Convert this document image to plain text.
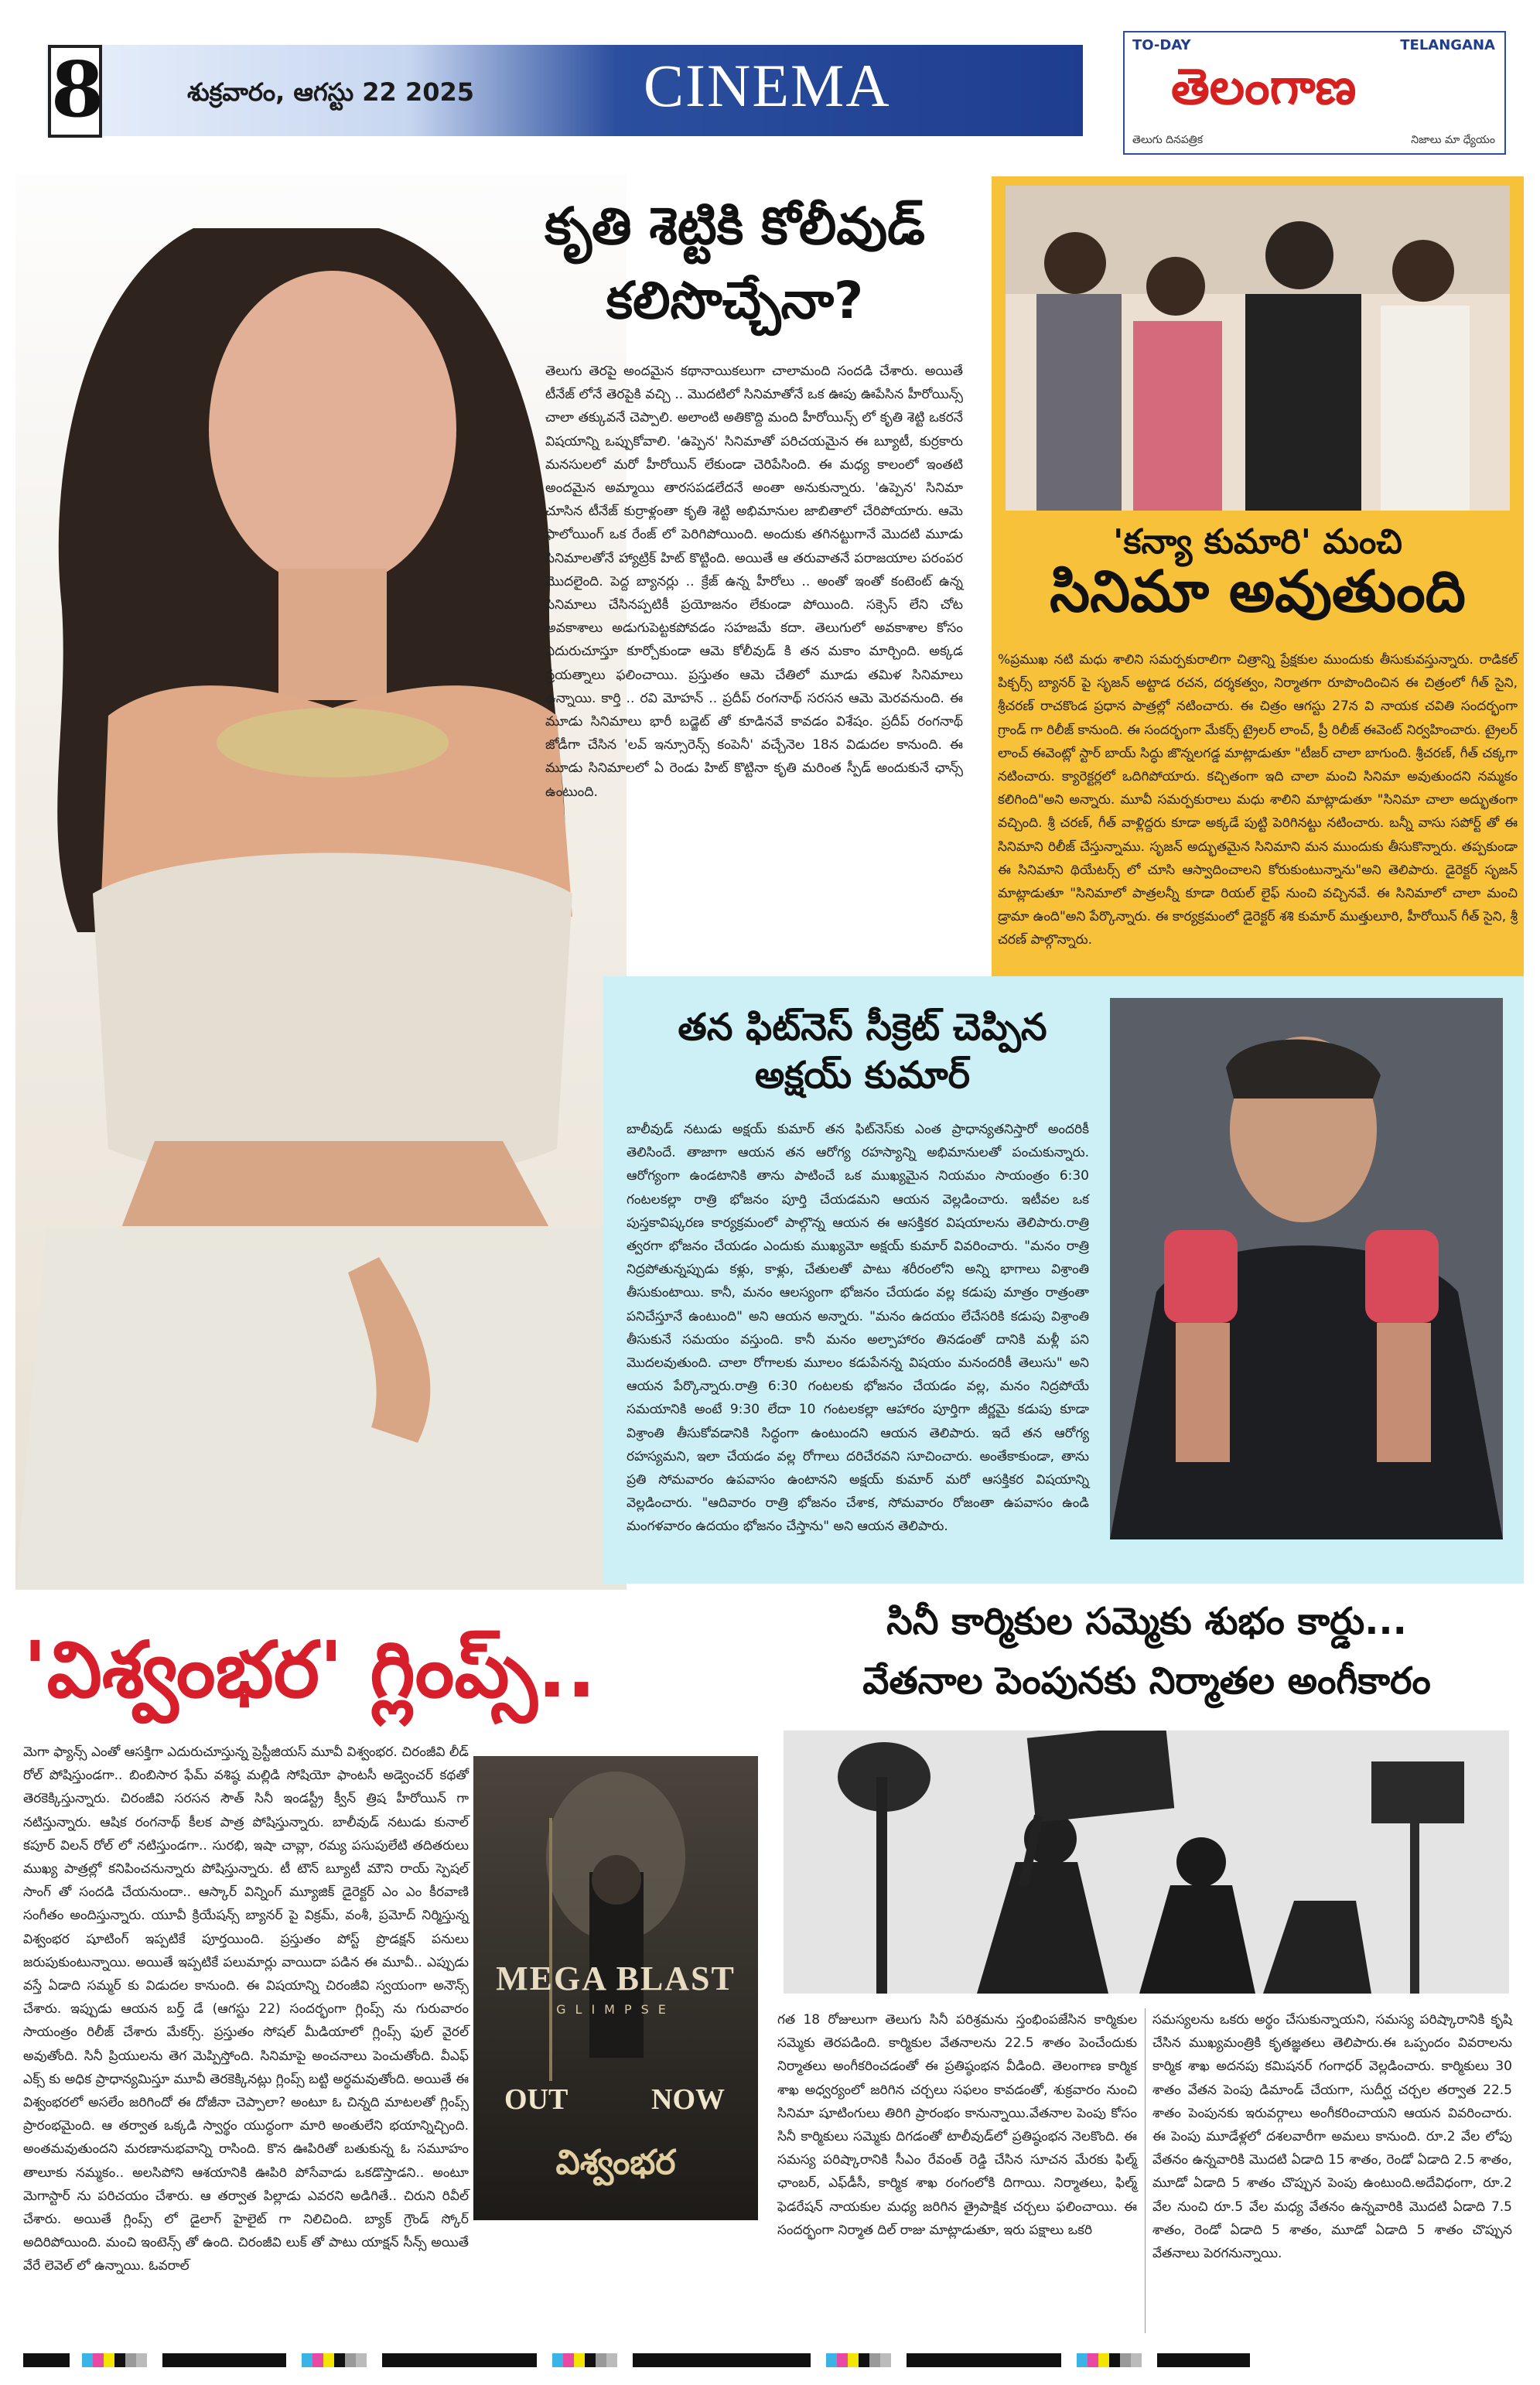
8	శుక్రవారం, ఆగస్టు 22 2025	CINEMA
TO-DAY	TELANGANA
తెలంగాణ
తెలుగు దినపత్రిక	నిజాలు మా ధ్యేయం
కృతి శెట్టికి కోలీవుడ్
కలిసొచ్చేనా?
తెలుగు తెరపై అందమైన కథానాయికలుగా చాలామంది సందడి చేశారు. అయితే టీనేజ్ లోనే తెరపైకి వచ్చి .. మొదటిలో సినిమాతోనే ఒక ఊపు ఊపేసిన హీరోయిన్స్ చాలా తక్కువనే చెప్పాలి. అలాంటి అతికొద్ది మంది హీరోయిన్స్ లో కృతి శెట్టి ఒకరనే విషయాన్ని ఒప్పుకోవాలి. 'ఉప్పెన' సినిమాతో పరిచయమైన ఈ బ్యూటీ, కుర్రకారు మనసులలో మరో హీరోయిన్ లేకుండా చెరిపేసింది. ఈ మధ్య కాలంలో ఇంతటి అందమైన అమ్మాయి తారసపడలేదనే అంతా అనుకున్నారు. 'ఉప్పెన' సినిమా చూసిన టీనేజ్ కుర్రాళ్లంతా కృతి శెట్టి అభిమానుల జాబితాలో చేరిపోయారు. ఆమె ఫాలోయింగ్ ఒక రేంజ్ లో పెరిగిపోయింది. అందుకు తగినట్టుగానే మొదటి మూడు సినిమాలతోనే హ్యాట్రిక్ హిట్ కొట్టింది. అయితే ఆ తరువాతనే పరాజయాల పరంపర మొదలైంది. పెద్ద బ్యానర్లు .. క్రేజ్ ఉన్న హీరోలు .. అంతో ఇంతో కంటెంట్ ఉన్న సినిమాలు చేసినప్పటికీ ప్రయోజనం లేకుండా పోయింది. సక్సెస్ లేని చోట అవకాశాలు అడుగుపెట్టకపోవడం సహజమే కదా. తెలుగులో అవకాశాల కోసం ఎదురుచూస్తూ కూర్చోకుండా ఆమె కోలీవుడ్ కి తన మకాం మార్చింది. అక్కడ ప్రయత్నాలు ఫలించాయి. ప్రస్తుతం ఆమె చేతిలో మూడు తమిళ సినిమాలు ఉన్నాయి. కార్తి .. రవి మోహన్ .. ప్రదీప్ రంగనాథ్ సరసన ఆమె మెరవనుంది. ఈ మూడు సినిమాలు భారీ బడ్జెట్ తో కూడినవే కావడం విశేషం. ప్రదీప్ రంగనాథ్ జోడీగా చేసిన 'లవ్ ఇన్సూరెన్స్ కంపెనీ' వచ్చేనెల 18న విడుదల కానుంది. ఈ మూడు సినిమాలలో ఏ రెండు హిట్ కొట్టినా కృతి మరింత స్పీడ్ అందుకునే ఛాన్స్ ఉంటుంది.
'కన్యా కుమారి' మంచి
సినిమా అవుతుంది
%ప్రముఖ నటి మధు శాలిని సమర్పకురాలిగా చిత్రాన్ని ప్రేక్షకుల ముందుకు తీసుకువస్తున్నారు. రాడికల్ పిక్చర్స్ బ్యానర్ పై సృజన్ అట్టాడ రచన, దర్శకత్వం, నిర్మాతగా రూపొందించిన ఈ చిత్రంలో గీత్ సైని, శ్రీచరణ్ రాచకొండ ప్రధాన పాత్రల్లో నటించారు. ఈ చిత్రం ఆగస్టు 27న వి నాయక చవితి సందర్భంగా గ్రాండ్ గా రిలీజ్ కానుంది. ఈ సందర్భంగా మేకర్స్ ట్రైలర్ లాంచ్, ప్రీ రిలీజ్ ఈవెంట్ నిర్వహించారు. ట్రైలర్ లాంచ్ ఈవెంట్లో స్టార్ బాయ్ సిద్ధు జొన్నలగడ్డ మాట్లాడుతూ "టీజర్ చాలా బాగుంది. శ్రీచరణ్, గీత్ చక్కగా నటించారు. క్యారెక్టర్లలో ఒదిగిపోయారు. కచ్చితంగా ఇది చాలా మంచి సినిమా అవుతుందని నమ్మకం కలిగింది"అని అన్నారు. మూవీ సమర్పకురాలు మధు శాలిని మాట్లాడుతూ "సినిమా చాలా అద్భుతంగా వచ్చింది. శ్రీ చరణ్, గీత్ వాళ్లిద్దరు కూడా అక్కడే పుట్టి పెరిగినట్టు నటించారు. బన్నీ వాసు సపోర్ట్ తో ఈ సినిమాని రిలీజ్ చేస్తున్నాము. సృజన్ అద్భుతమైన సినిమాని మన ముందుకు తీసుకొన్నారు. తప్పకుండా ఈ సినిమాని థియేటర్స్ లో చూసి ఆస్వాదించాలని కోరుకుంటున్నాను"అని తెలిపారు. డైరెక్టర్ సృజన్ మాట్లాడుతూ "సినిమాలో పాత్రలన్నీ కూడా రియల్ లైఫ్ నుంచి వచ్చినవే. ఈ సినిమాలో చాలా మంచి డ్రామా ఉంది"అని పేర్కొన్నారు. ఈ కార్యక్రమంలో డైరెక్టర్ శశి కుమార్ ముత్తులూరి, హీరోయిన్ గీత్ సైని, శ్రీ చరణ్ పాల్గొన్నారు.
తన ఫిట్‌నెస్ సీక్రెట్ చెప్పిన
అక్షయ్ కుమార్
బాలీవుడ్ నటుడు అక్షయ్ కుమార్ తన ఫిట్‌నెస్‌కు ఎంత ప్రాధాన్యతనిస్తారో అందరికీ తెలిసిందే. తాజాగా ఆయన తన ఆరోగ్య రహస్యాన్ని అభిమానులతో పంచుకున్నారు. ఆరోగ్యంగా ఉండటానికి తాను పాటించే ఒక ముఖ్యమైన నియమం సాయంత్రం 6:30 గంటలకల్లా రాత్రి భోజనం పూర్తి చేయడమని ఆయన వెల్లడించారు. ఇటీవల ఒక పుస్తకావిష్కరణ కార్యక్రమంలో పాల్గొన్న ఆయన ఈ ఆసక్తికర విషయాలను తెలిపారు.రాత్రి త్వరగా భోజనం చేయడం ఎందుకు ముఖ్యమో అక్షయ్ కుమార్ వివరించారు. "మనం రాత్రి నిద్రపోతున్నప్పుడు కళ్లు, కాళ్లు, చేతులతో పాటు శరీరంలోని అన్ని భాగాలు విశ్రాంతి తీసుకుంటాయి. కానీ, మనం ఆలస్యంగా భోజనం చేయడం వల్ల కడుపు మాత్రం రాత్రంతా పనిచేస్తూనే ఉంటుంది" అని ఆయన అన్నారు. "మనం ఉదయం లేచేసరికి కడుపు విశ్రాంతి తీసుకునే సమయం వస్తుంది. కానీ మనం అల్పాహారం తినడంతో దానికి మళ్లీ పని మొదలవుతుంది. చాలా రోగాలకు మూలం కడుపేనన్న విషయం మనందరికీ తెలుసు" అని ఆయన పేర్కొన్నారు.రాత్రి 6:30 గంటలకు భోజనం చేయడం వల్ల, మనం నిద్రపోయే సమయానికి అంటే 9:30 లేదా 10 గంటలకల్లా ఆహారం పూర్తిగా జీర్ణమై కడుపు కూడా విశ్రాంతి తీసుకోవడానికి సిద్ధంగా ఉంటుందని ఆయన తెలిపారు. ఇదే తన ఆరోగ్య రహస్యమని, ఇలా చేయడం వల్ల రోగాలు దరిచేరవని సూచించారు. అంతేకాకుండా, తాను ప్రతి సోమవారం ఉపవాసం ఉంటానని అక్షయ్ కుమార్ మరో ఆసక్తికర విషయాన్ని వెల్లడించారు. "ఆదివారం రాత్రి భోజనం చేశాక, సోమవారం రోజంతా ఉపవాసం ఉండి మంగళవారం ఉదయం భోజనం చేస్తాను" అని ఆయన తెలిపారు.
'విశ్వంభర' గ్లింప్స్..
మెగా ఫ్యాన్స్ ఎంతో ఆసక్తిగా ఎదురుచూస్తున్న ప్రెస్టీజియస్ మూవీ విశ్వంభర. చిరంజీవి లీడ్ రోల్ పోషిస్తుండగా.. బింబిసార ఫేమ్ వశిష్ఠ మల్లిడి సోషియో ఫాంటసీ అడ్వెంచర్ కథతో తెరకెక్కిస్తున్నారు. చిరంజీవి సరసన సౌత్ సినీ ఇండస్ట్రీ క్వీన్ త్రిష హీరోయిన్ గా నటిస్తున్నారు. ఆషిక రంగనాథ్ కీలక పాత్ర పోషిస్తున్నారు. బాలీవుడ్ నటుడు కునాల్ కపూర్ విలన్ రోల్ లో నటిస్తుండగా.. సురభి, ఇషా చావ్లా, రమ్య పసుపులేటి తదితరులు ముఖ్య పాత్రల్లో కనిపించనున్నారు పోషిస్తున్నారు. టీ టౌన్ బ్యూటీ మౌని రాయ్ స్పెషల్ సాంగ్ తో సందడి చేయనుందా.. ఆస్కార్ విన్నింగ్ మ్యూజిక్ డైరెక్టర్ ఎం ఎం కీరవాణి సంగీతం అందిస్తున్నారు. యూవీ క్రియేషన్స్ బ్యానర్ పై విక్రమ్, వంశీ, ప్రమోద్ నిర్మిస్తున్న విశ్వంభర షూటింగ్ ఇప్పటికే పూర్తయింది. ప్రస్తుతం పోస్ట్ ప్రొడక్షన్ పనులు జరుపుకుంటున్నాయి. అయితే ఇప్పటికే పలుమార్లు వాయిదా పడిన ఈ మూవీ.. ఎప్పుడు వస్తే ఏడాది సమ్మర్ కు విడుదల కానుంది. ఈ విషయాన్ని చిరంజీవి స్వయంగా అనౌన్స్ చేశారు. ఇప్పుడు ఆయన బర్త్ డే (ఆగస్టు 22) సందర్భంగా గ్లింప్స్ ను గురువారం సాయంత్రం రిలీజ్ చేశారు మేకర్స్. ప్రస్తుతం సోషల్ మీడియాలో గ్లింప్స్ ఫుల్ వైరల్ అవుతోంది. సినీ ప్రియులను తెగ మెప్పిస్తోంది. సినిమాపై అంచనాలు పెంచుతోంది. వీఎఫ్ ఎక్స్ కు అధిక ప్రాధాన్యమిస్తూ మూవీ తెరకెక్కినట్లు గ్లింప్స్ బట్టి అర్థమవుతోంది. అయితే ఈ విశ్వంభరలో అసలేం జరిగిందో ఈ దోజీనా చెప్పాలా? అంటూ ఓ చిన్నది మాటలతో గ్లింప్స్ ప్రారంభమైంది. ఆ తర్వాత ఒక్కడి స్వార్థం యుద్ధంగా మారి అంతులేని భయాన్నిచ్చింది. అంతమవుతుందని మరణానుభవాన్ని రాసింది. కొన ఊపిరితో బతుకున్న ఓ సమూహం తాలూకు నమ్మకం.. అలసిపోని ఆశయానికి ఊపిరి పోసేవాడు ఒకడొస్తాడని.. అంటూ మెగాస్టార్ ను పరిచయం చేశారు. ఆ తర్వాత పిల్లాడు ఎవరని అడిగితే.. చిరుని రివీల్ చేశారు. అయితే గ్లింప్స్ లో డైలాగ్ హైలైట్ గా నిలిచింది. బ్యాక్ గ్రౌండ్ స్కోర్ అదిరిపోయింది. మంచి ఇంటెన్స్ తో ఉంది. చిరంజీవి లుక్ తో పాటు యాక్షన్ సీన్స్ అయితే వేరే లెవెల్ లో ఉన్నాయి. ఓవరాల్
MEGA BLAST
GLIMPSE
OUT	NOW
విశ్వంభర
సినీ కార్మికుల సమ్మెకు శుభం కార్డు...
వేతనాల పెంపునకు నిర్మాతల అంగీకారం
గత 18 రోజులుగా తెలుగు సినీ పరిశ్రమను స్తంభింపజేసిన కార్మికుల సమ్మెకు తెరపడింది. కార్మికుల వేతనాలను 22.5 శాతం పెంచేందుకు నిర్మాతలు అంగీకరించడంతో ఈ ప్రతిష్ఠంభన వీడింది. తెలంగాణ కార్మిక శాఖ అధ్వర్యంలో జరిగిన చర్చలు సఫలం కావడంతో, శుక్రవారం నుంచి సినిమా షూటింగులు తిరిగి ప్రారంభం కానున్నాయి.వేతనాల పెంపు కోసం సినీ కార్మికులు సమ్మెకు దిగడంతో టాలీవుడ్‌లో ప్రతిష్ఠంభన నెలకొంది. ఈ సమస్య పరిష్కారానికి సీఎం రేవంత్ రెడ్డి చేసిన సూచన మేరకు ఫిల్మ్ ఛాంబర్, ఎఫ్‌డీసీ, కార్మిక శాఖ రంగంలోకి దిగాయి. నిర్మాతలు, ఫిల్మ్ ఫెడరేషన్ నాయకుల మధ్య జరిగిన త్రైపాక్షిక చర్చలు ఫలించాయి. ఈ సందర్భంగా నిర్మాత దిల్ రాజు మాట్లాడుతూ, ఇరు పక్షాలు ఒకరి
సమస్యలను ఒకరు అర్థం చేసుకున్నాయని, సమస్య పరిష్కారానికి కృషి చేసిన ముఖ్యమంత్రికి కృతజ్ఞతలు తెలిపారు.ఈ ఒప్పందం వివరాలను కార్మిక శాఖ అదనపు కమిషనర్ గంగాధర్ వెల్లడించారు. కార్మికులు 30 శాతం వేతన పెంపు డిమాండ్ చేయగా, సుదీర్ఘ చర్చల తర్వాత 22.5 శాతం పెంపునకు ఇరువర్గాలు అంగీకరించాయని ఆయన వివరించారు. ఈ పెంపు మూడేళ్లలో దశలవారీగా అమలు కానుంది. రూ.2 వేల లోపు వేతనం ఉన్నవారికి మొదటి ఏడాది 15 శాతం, రెండో ఏడాది 2.5 శాతం, మూడో ఏడాది 5 శాతం చొప్పున పెంపు ఉంటుంది.అదేవిధంగా, రూ.2 వేల నుంచి రూ.5 వేల మధ్య వేతనం ఉన్నవారికి మొదటి ఏడాది 7.5 శాతం, రెండో ఏడాది 5 శాతం, మూడో ఏడాది 5 శాతం చొప్పున వేతనాలు పెరగనున్నాయి.
